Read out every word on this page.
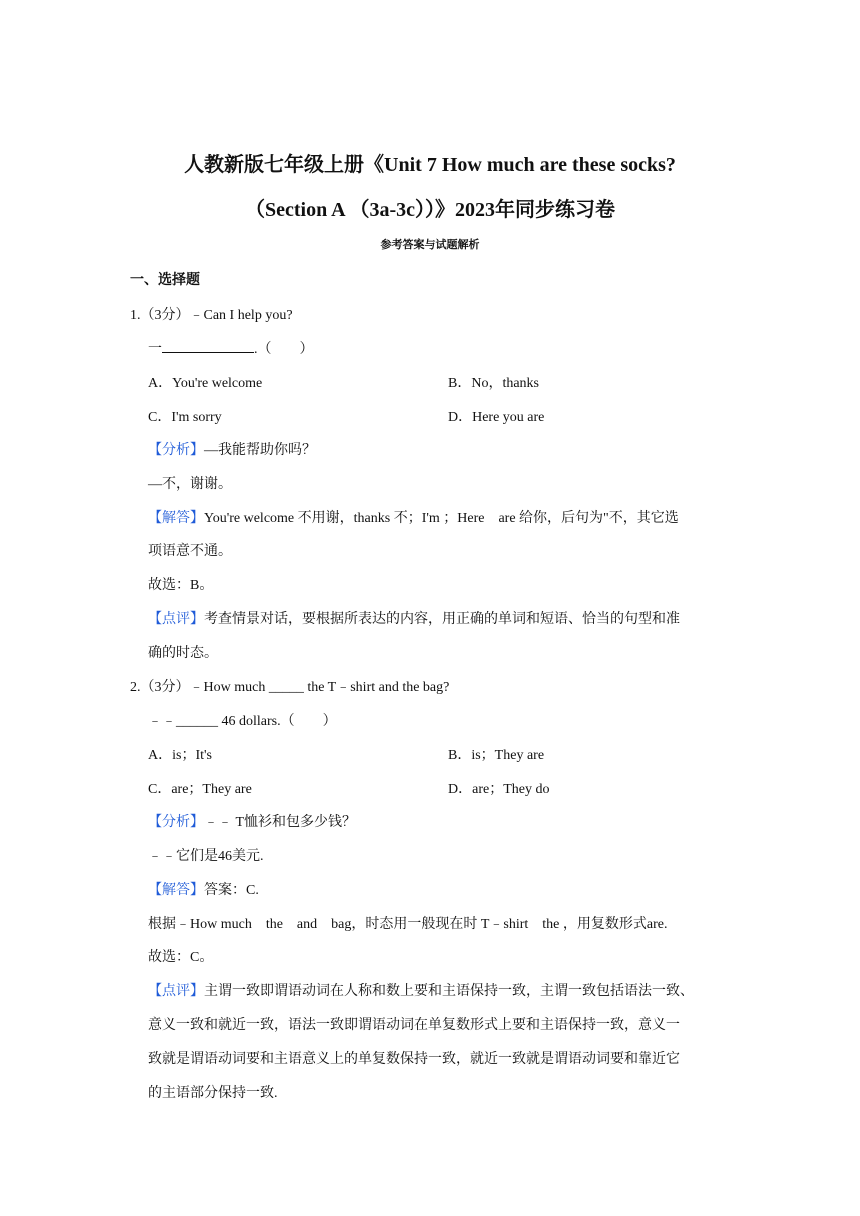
人教新版七年级上册《Unit 7 How much are these socks?
（Section A （3a-3c））》2023年同步练习卷
参考答案与试题解析
一、选择题
1.（3分）﹣Can I help you?
一	.（　　）
A．You're welcome	B．No，thanks
C．I'm sorry	D．Here you are
【分析】—我能帮助你吗？
—不，谢谢。
【解答】You're welcome 不用谢，thanks 不；I'm ；Here　are 给你，后句为"不，其它选
项语意不通。
故选：B。
【点评】考查情景对话，要根据所表达的内容，用正确的单词和短语、恰当的句型和准
确的时态。
2.（3分）﹣How much _____ the T﹣shirt and the bag?
﹣﹣______ 46 dollars.（　　）
A．is；It's	B．is；They are
C．are；They are	D．are；They do
【分析】﹣﹣ T恤衫和包多少钱？
﹣﹣它们是46美元.
【解答】答案：C.
根据﹣How much　the　and　bag，时态用一般现在时 T﹣shirt　the ，用复数形式are.
故选：C。
【点评】主谓一致即谓语动词在人称和数上要和主语保持一致，主谓一致包括语法一致、
意义一致和就近一致，语法一致即谓语动词在单复数形式上要和主语保持一致，意义一
致就是谓语动词要和主语意义上的单复数保持一致，就近一致就是谓语动词要和靠近它
的主语部分保持一致.
